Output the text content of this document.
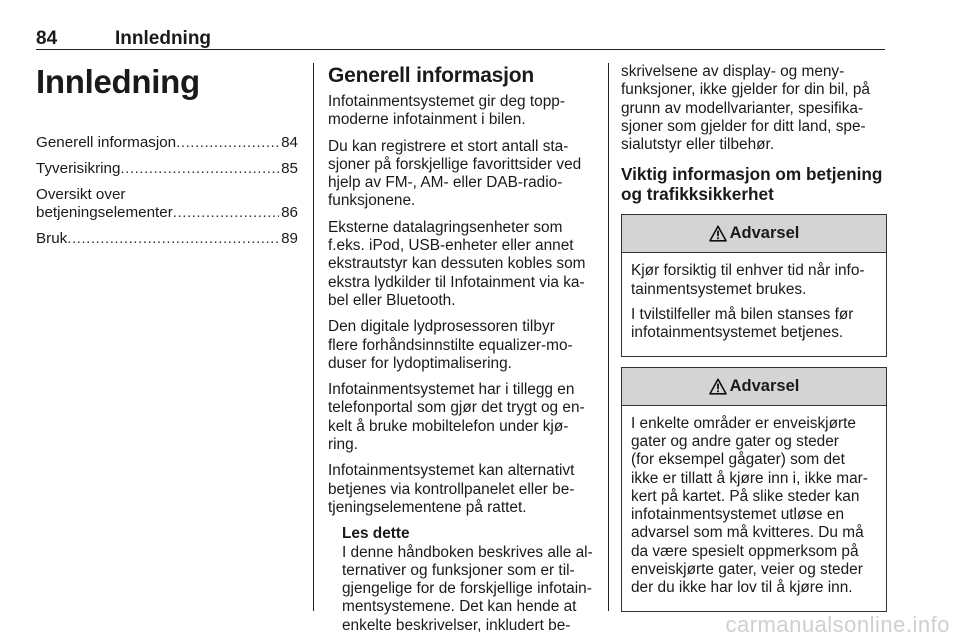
84	Innledning
Innledning
Generell informasjon .....	84
Tyverisikring .....	85
Oversikt over
betjeningselementer .....	86
Bruk .....	89
Generell informasjon
Infotainmentsystemet gir deg topp-
moderne infotainment i bilen.
Du kan registrere et stort antall sta-
sjoner på forskjellige favorittsider ved
hjelp av FM-, AM- eller DAB-radio-
funksjonene.
Eksterne datalagringsenheter som
f.eks. iPod, USB-enheter eller annet
ekstrautstyr kan dessuten kobles som
ekstra lydkilder til Infotainment via ka-
bel eller Bluetooth.
Den digitale lydprosessoren tilbyr
flere forhåndsinnstilte equalizer-mo-
duser for lydoptimalisering.
Infotainmentsystemet har i tillegg en
telefonportal som gjør det trygt og en-
kelt å bruke mobiltelefon under kjø-
ring.
Infotainmentsystemet kan alternativt
betjenes via kontrollpanelet eller be-
tjeningselementene på rattet.
Les dette
I denne håndboken beskrives alle al-
ternativer og funksjoner som er til-
gjengelige for de forskjellige infotain-
mentsystemene. Det kan hende at
enkelte beskrivelser, inkludert be-
skrivelsene av display- og meny-
funksjoner, ikke gjelder for din bil, på
grunn av modellvarianter, spesifika-
sjoner som gjelder for ditt land, spe-
sialutstyr eller tilbehør.
Viktig informasjon om betjening
og trafikksikkerhet
Advarsel
Kjør forsiktig til enhver tid når info-
tainmentsystemet brukes.
I tvilstilfeller må bilen stanses før
infotainmentsystemet betjenes.
Advarsel
I enkelte områder er enveiskjørte
gater og andre gater og steder
(for eksempel gågater) som det
ikke er tillatt å kjøre inn i, ikke mar-
kert på kartet. På slike steder kan
infotainmentsystemet utløse en
advarsel som må kvitteres. Du må
da være spesielt oppmerksom på
enveiskjørte gater, veier og steder
der du ikke har lov til å kjøre inn.
carmanualsonline.info
